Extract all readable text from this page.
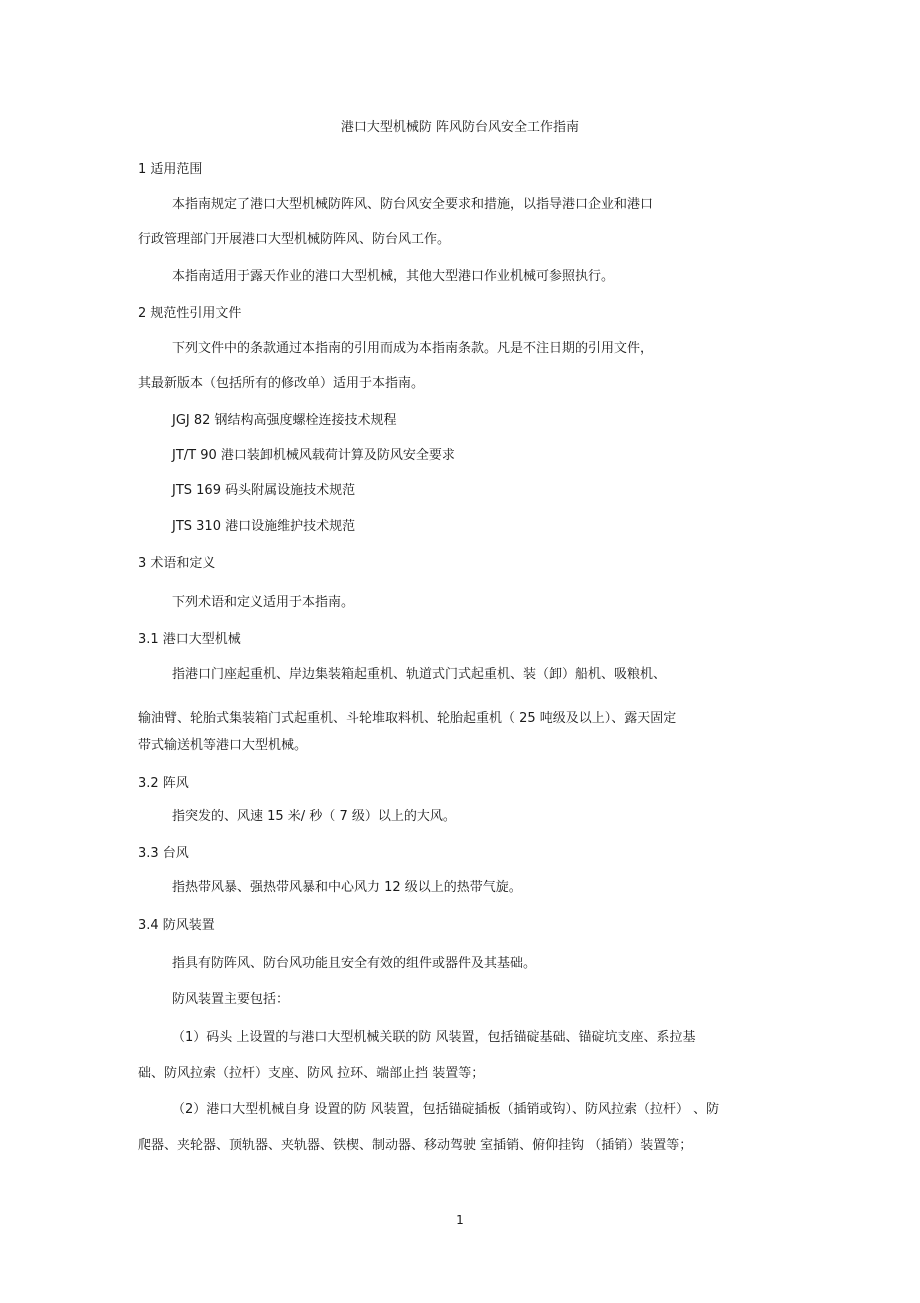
港口大型机械防 阵风防台风安全工作指南
1 适用范围
本指南规定了港口大型机械防阵风、防台风安全要求和措施，以指导港口企业和港口
行政管理部门开展港口大型机械防阵风、防台风工作。
本指南适用于露天作业的港口大型机械，其他大型港口作业机械可参照执行。
2 规范性引用文件
下列文件中的条款通过本指南的引用而成为本指南条款。凡是不注日期的引用文件，
其最新版本（包括所有的修改单）适用于本指南。
JGJ 82 钢结构高强度螺栓连接技术规程
JT/T 90 港口装卸机械风载荷计算及防风安全要求
JTS 169 码头附属设施技术规范
JTS 310 港口设施维护技术规范
3 术语和定义
下列术语和定义适用于本指南。
3.1 港口大型机械
指港口门座起重机、岸边集装箱起重机、轨道式门式起重机、装（卸）船机、吸粮机、
输油臂、轮胎式集装箱门式起重机、斗轮堆取料机、轮胎起重机（ 25 吨级及以上）、露天固定
带式输送机等港口大型机械。
3.2 阵风
指突发的、风速 15 米/ 秒（ 7 级）以上的大风。
3.3 台风
指热带风暴、强热带风暴和中心风力 12 级以上的热带气旋。
3.4 防风装置
指具有防阵风、防台风功能且安全有效的组件或器件及其基础。
防风装置主要包括：
（1）码头 上设置的与港口大型机械关联的防 风装置，包括锚碇基础、锚碇坑支座、系拉基
础、防风拉索（拉杆）支座、防风 拉环、端部止挡 装置等；
（2）港口大型机械自身 设置的防 风装置，包括锚碇插板（插销或钩）、防风拉索（拉杆） 、防
爬器、夹轮器、顶轨器、夹轨器、铁楔、制动器、移动驾驶 室插销、俯仰挂钩 （插销）装置等；
1
